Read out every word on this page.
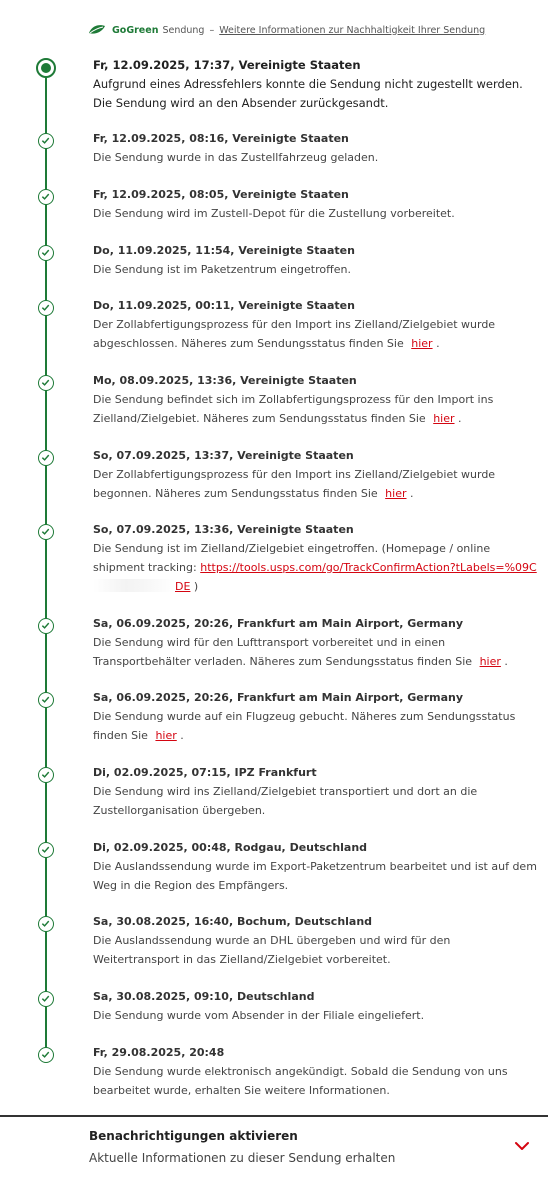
GoGreen Sendung – Weitere Informationen zur Nachhaltigkeit Ihrer Sendung
Fr, 12.09.2025, 17:37, Vereinigte Staaten
Aufgrund eines Adressfehlers konnte die Sendung nicht zugestellt werden. Die Sendung wird an den Absender zurückgesandt.
Fr, 12.09.2025, 08:16, Vereinigte Staaten
Die Sendung wurde in das Zustellfahrzeug geladen.
Fr, 12.09.2025, 08:05, Vereinigte Staaten
Die Sendung wird im Zustell-Depot für die Zustellung vorbereitet.
Do, 11.09.2025, 11:54, Vereinigte Staaten
Die Sendung ist im Paketzentrum eingetroffen.
Do, 11.09.2025, 00:11, Vereinigte Staaten
Der Zollabfertigungsprozess für den Import ins Zielland/Zielgebiet wurde abgeschlossen. Näheres zum Sendungsstatus finden Sie hier .
Mo, 08.09.2025, 13:36, Vereinigte Staaten
Die Sendung befindet sich im Zollabfertigungsprozess für den Import ins Zielland/Zielgebiet. Näheres zum Sendungsstatus finden Sie hier .
So, 07.09.2025, 13:37, Vereinigte Staaten
Der Zollabfertigungsprozess für den Import ins Zielland/Zielgebiet wurde begonnen. Näheres zum Sendungsstatus finden Sie hier .
So, 07.09.2025, 13:36, Vereinigte Staaten
Die Sendung ist im Zielland/Zielgebiet eingetroffen. (Homepage / online shipment tracking: https://tools.usps.com/go/TrackConfirmAction?tLabels=%09CDE )
Sa, 06.09.2025, 20:26, Frankfurt am Main Airport, Germany
Die Sendung wird für den Lufttransport vorbereitet und in einen Transportbehälter verladen. Näheres zum Sendungsstatus finden Sie hier .
Sa, 06.09.2025, 20:26, Frankfurt am Main Airport, Germany
Die Sendung wurde auf ein Flugzeug gebucht. Näheres zum Sendungsstatus finden Sie hier .
Di, 02.09.2025, 07:15, IPZ Frankfurt
Die Sendung wird ins Zielland/Zielgebiet transportiert und dort an die Zustellorganisation übergeben.
Di, 02.09.2025, 00:48, Rodgau, Deutschland
Die Auslandssendung wurde im Export-Paketzentrum bearbeitet und ist auf dem Weg in die Region des Empfängers.
Sa, 30.08.2025, 16:40, Bochum, Deutschland
Die Auslandssendung wurde an DHL übergeben und wird für den Weitertransport in das Zielland/Zielgebiet vorbereitet.
Sa, 30.08.2025, 09:10, Deutschland
Die Sendung wurde vom Absender in der Filiale eingeliefert.
Fr, 29.08.2025, 20:48
Die Sendung wurde elektronisch angekündigt. Sobald die Sendung von uns bearbeitet wurde, erhalten Sie weitere Informationen.
Benachrichtigungen aktivieren
Aktuelle Informationen zu dieser Sendung erhalten
